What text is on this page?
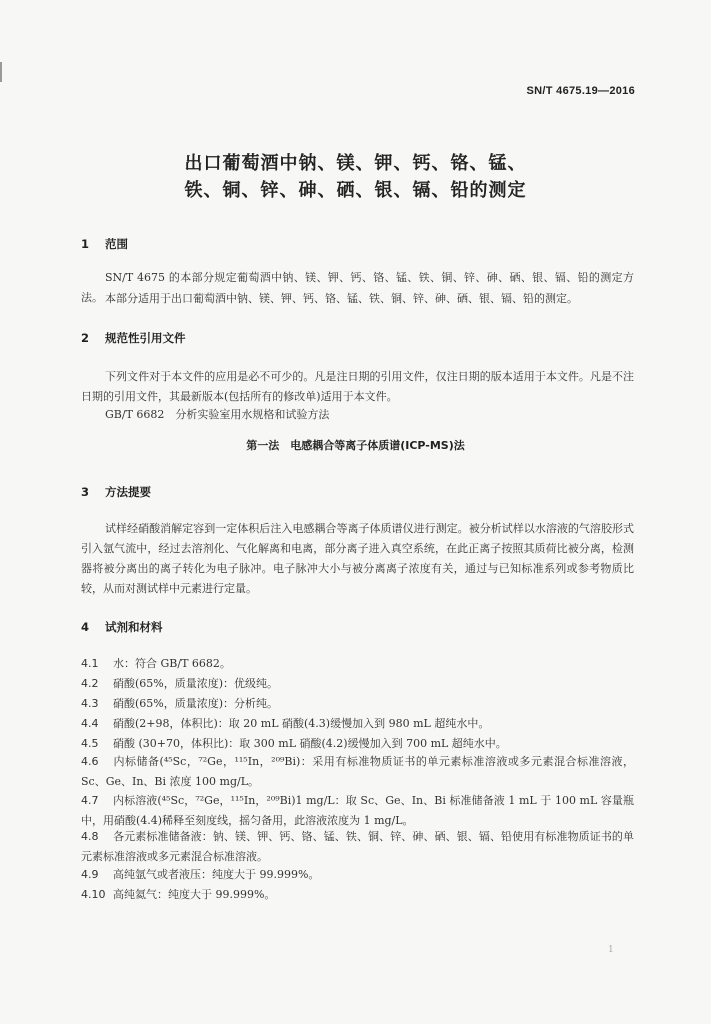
SN/T 4675.19—2016
出口葡萄酒中钠、镁、钾、钙、铬、锰、
铁、铜、锌、砷、硒、银、镉、铅的测定
1 范围
SN/T 4675 的本部分规定葡萄酒中钠、镁、钾、钙、铬、锰、铁、铜、锌、砷、硒、银、镉、铅的测定方法。 本部分适用于出口葡萄酒中钠、镁、钾、钙、铬、锰、铁、铜、锌、砷、硒、银、镉、铅的测定。
2 规范性引用文件
下列文件对于本文件的应用是必不可少的。凡是注日期的引用文件，仅注日期的版本适用于本文件。凡是不注日期的引用文件，其最新版本(包括所有的修改单)适用于本文件。
GB/T 6682　分析实验室用水规格和试验方法
第一法　电感耦合等离子体质谱(ICP-MS)法
3 方法提要
试样经硝酸消解定容到一定体积后注入电感耦合等离子体质谱仪进行测定。被分析试样以水溶液的气溶胶形式引入氩气流中，经过去溶剂化、气化解离和电离，部分离子进入真空系统，在此正离子按照其质荷比被分离，检测器将被分离出的离子转化为电子脉冲。电子脉冲大小与被分离离子浓度有关，通过与已知标准系列或参考物质比较，从而对测试样中元素进行定量。
4 试剂和材料
4.1 水：符合 GB/T 6682。
4.2 硝酸(65%，质量浓度)：优级纯。
4.3 硝酸(65%，质量浓度)：分析纯。
4.4 硝酸(2+98，体积比)：取 20 mL 硝酸(4.3)缓慢加入到 980 mL 超纯水中。
4.5 硝酸 (30+70，体积比)：取 300 mL 硝酸(4.2)缓慢加入到 700 mL 超纯水中。
4.6 内标储备(⁴⁵Sc，⁷²Ge，¹¹⁵In，²⁰⁹Bi)：采用有标准物质证书的单元素标准溶液或多元素混合标准溶液，Sc、Ge、In、Bi 浓度 100 mg/L。
4.7 内标溶液(⁴⁵Sc，⁷²Ge，¹¹⁵In，²⁰⁹Bi)1 mg/L：取 Sc、Ge、In、Bi 标准储备液 1 mL 于 100 mL 容量瓶中，用硝酸(4.4)稀释至刻度线，摇匀备用，此溶液浓度为 1 mg/L。
4.8 各元素标准储备液：钠、镁、钾、钙、铬、锰、铁、铜、锌、砷、硒、银、镉、铅使用有标准物质证书的单元素标准溶液或多元素混合标准溶液。
4.9 高纯氩气或者液压：纯度大于 99.999%。
4.10 高纯氦气：纯度大于 99.999%。
1
